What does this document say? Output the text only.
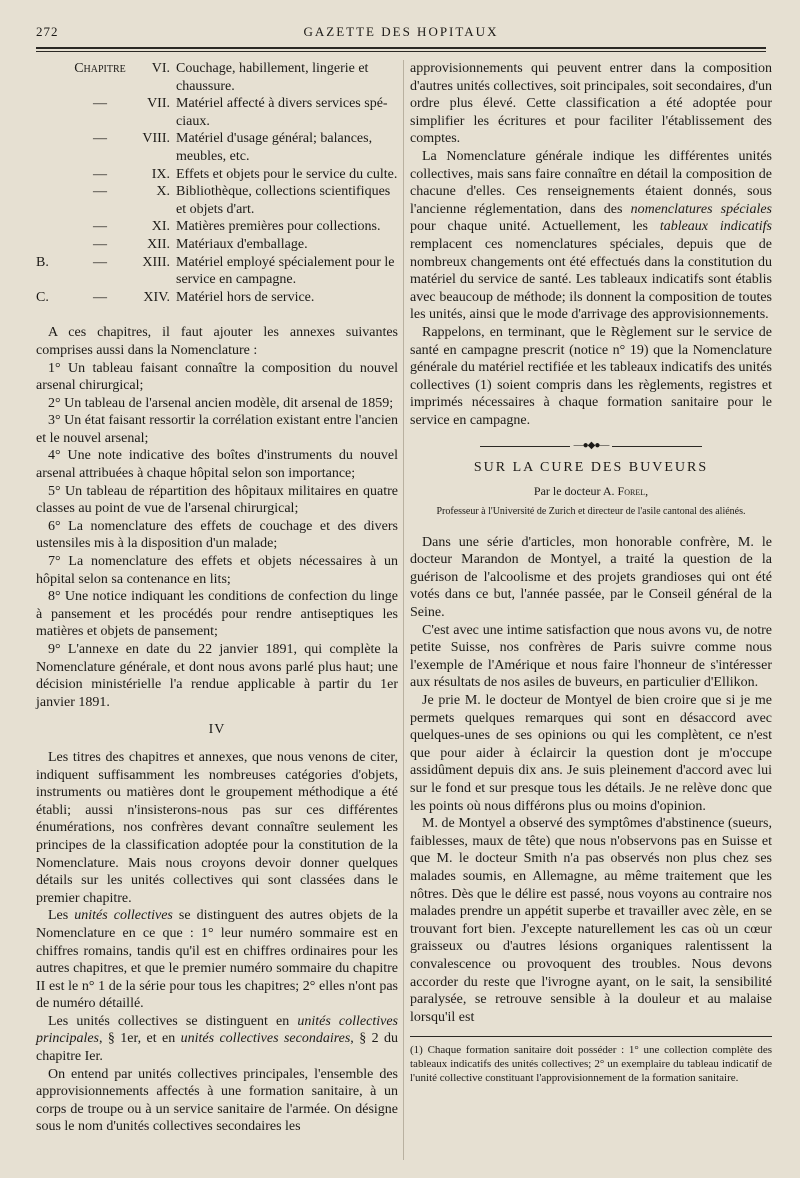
272	GAZETTE DES HOPITAUX
Chapitre	VI. Couchage, habillement, lingerie et
chaussure.
—	VII. Matériel affecté à divers services spé-
ciaux.
—	VIII. Matériel d'usage général; balances,
meubles, etc.
—	IX. Effets et objets pour le service du culte.
—	X. Bibliothèque, collections scientifiques
et objets d'art.
—	XI. Matières premières pour collections.
—	XII. Matériaux d'emballage.
B.	—	XIII. Matériel employé spécialement pour le
service en campagne.
C.	—	XIV. Matériel hors de service.

A ces chapitres, il faut ajouter les annexes suivantes comprises aussi dans la Nomenclature :

1° Un tableau faisant connaître la composition du nouvel arsenal chirurgical;

2° Un tableau de l'arsenal ancien modèle, dit arsenal de 1859;

3° Un état faisant ressortir la corrélation existant entre l'ancien et le nouvel arsenal;

4° Une note indicative des boîtes d'instruments du nouvel arsenal attribuées à chaque hôpital selon son importance;

5° Un tableau de répartition des hôpitaux militaires en quatre classes au point de vue de l'arsenal chirurgical;

6° La nomenclature des effets de couchage et des divers ustensiles mis à la disposition d'un malade;

7° La nomenclature des effets et objets nécessaires à un hôpital selon sa contenance en lits;

8° Une notice indiquant les conditions de confection du linge à pansement et les procédés pour rendre antiseptiques les matières et objets de pansement;

9° L'annexe en date du 22 janvier 1891, qui complète la Nomenclature générale, et dont nous avons parlé plus haut; une décision ministérielle l'a rendue applicable à partir du 1er janvier 1891.

IV

Les titres des chapitres et annexes, que nous venons de citer, indiquent suffisamment les nombreuses catégories d'objets, instruments ou matières dont le groupement méthodique a été établi; aussi n'insisterons-nous pas sur ces différentes énumérations, nos confrères devant connaître seulement les principes de la classification adoptée pour la constitution de la Nomenclature. Mais nous croyons devoir donner quelques détails sur les unités collectives qui sont classées dans le premier chapitre.

Les unités collectives se distinguent des autres objets de la Nomenclature en ce que : 1° leur numéro sommaire est en chiffres romains, tandis qu'il est en chiffres ordinaires pour les autres chapitres, et que le premier numéro sommaire du chapitre II est le n° 1 de la série pour tous les chapitres; 2° elles n'ont pas de numéro détaillé.

Les unités collectives se distinguent en unités collectives principales, § 1er, et en unités collectives secondaires, § 2 du chapitre Ier.

On entend par unités collectives principales, l'ensemble des approvisionnements affectés à une formation sanitaire, à un corps de troupe ou à un service sanitaire de l'armée. On désigne sous le nom d'unités collectives secondaires les

approvisionnements qui peuvent entrer dans la composition d'autres unités collectives, soit principales, soit secondaires, d'un ordre plus élevé. Cette classification a été adoptée pour simplifier les écritures et pour faciliter l'établissement des comptes.

La Nomenclature générale indique les différentes unités collectives, mais sans faire connaître en détail la composition de chacune d'elles. Ces renseignements étaient donnés, sous l'ancienne réglementation, dans des nomenclatures spéciales pour chaque unité. Actuellement, les tableaux indicatifs remplacent ces nomenclatures spéciales, depuis que de nombreux changements ont été effectués dans la constitution du matériel du service de santé. Les tableaux indicatifs sont établis avec beaucoup de méthode; ils donnent la composition de toutes les unités, ainsi que le mode d'arrivage des approvisionnements.

Rappelons, en terminant, que le Règlement sur le service de santé en campagne prescrit (notice n° 19) que la Nomenclature générale du matériel rectifiée et les tableaux indicatifs des unités collectives (1) soient compris dans les règlements, registres et imprimés nécessaires à chaque formation sanitaire pour le service en campagne.

—●◆●—
SUR LA CURE DES BUVEURS
Par le docteur A. Forel,
Professeur à l'Université de Zurich et directeur de l'asile cantonal des aliénés.

Dans une série d'articles, mon honorable confrère, M. le docteur Marandon de Montyel, a traité la question de la guérison de l'alcoolisme et des projets grandioses qui ont été votés dans ce but, l'année passée, par le Conseil général de la Seine.

C'est avec une intime satisfaction que nous avons vu, de notre petite Suisse, nos confrères de Paris suivre comme nous l'exemple de l'Amérique et nous faire l'honneur de s'intéresser aux résultats de nos asiles de buveurs, en particulier d'Ellikon.

Je prie M. le docteur de Montyel de bien croire que si je me permets quelques remarques qui sont en désaccord avec quelques-unes de ses opinions ou qui les complètent, ce n'est que pour aider à éclaircir la question dont je m'occupe assidûment depuis dix ans. Je suis pleinement d'accord avec lui sur le fond et sur presque tous les détails. Je ne relève donc que les points où nous différons plus ou moins d'opinion.

M. de Montyel a observé des symptômes d'abstinence (sueurs, faiblesses, maux de tête) que nous n'observons pas en Suisse et que M. le docteur Smith n'a pas observés non plus chez ses malades soumis, en Allemagne, au même traitement que les nôtres. Dès que le délire est passé, nous voyons au contraire nos malades prendre un appétit superbe et travailler avec zèle, en se trouvant fort bien. J'excepte naturellement les cas où un cœur graisseux ou d'autres lésions organiques ralentissent la convalescence ou provoquent des troubles. Nous devons accorder du reste que l'ivrogne ayant, on le sait, la sensibilité paralysée, se retrouve sensible à la douleur et au malaise lorsqu'il est

(1) Chaque formation sanitaire doit posséder : 1° une collection complète des tableaux indicatifs des unités collectives; 2° un exemplaire du tableau indicatif de l'unité collective constituant l'approvisionnement de la formation sanitaire.
